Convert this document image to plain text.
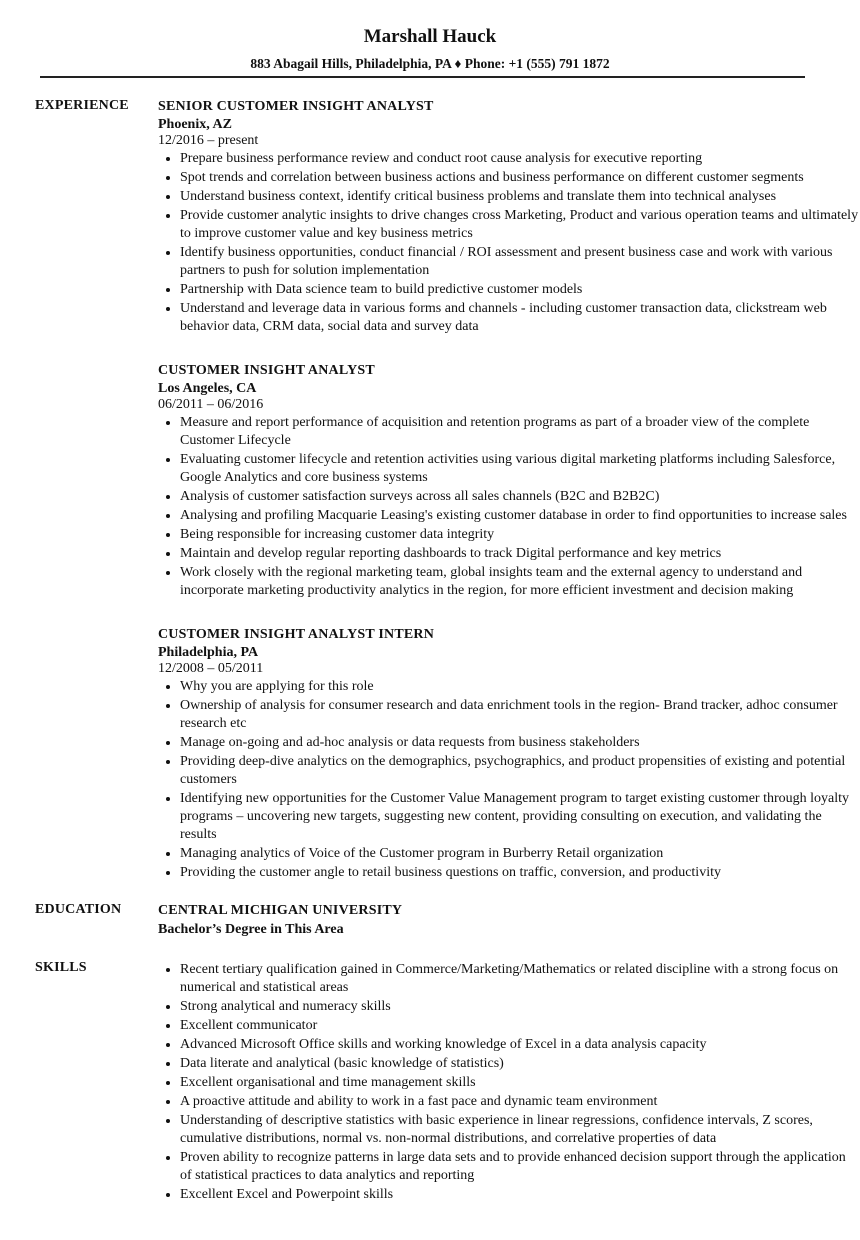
Marshall Hauck
883 Abagail Hills, Philadelphia, PA ♦ Phone: +1 (555) 791 1872
EXPERIENCE SENIOR CUSTOMER INSIGHT ANALYST
Phoenix, AZ
12/2016 – present
• Prepare business performance review and conduct root cause analysis for executive reporting
• Spot trends and correlation between business actions and business performance on different customer segments
• Understand business context, identify critical business problems and translate them into technical analyses
• Provide customer analytic insights to drive changes cross Marketing, Product and various operation teams and ultimately to improve customer value and key business metrics
• Identify business opportunities, conduct financial / ROI assessment and present business case and work with various partners to push for solution implementation
• Partnership with Data science team to build predictive customer models
• Understand and leverage data in various forms and channels - including customer transaction data, clickstream web behavior data, CRM data, social data and survey data
CUSTOMER INSIGHT ANALYST
Los Angeles, CA
06/2011 – 06/2016
• Measure and report performance of acquisition and retention programs as part of a broader view of the complete Customer Lifecycle
• Evaluating customer lifecycle and retention activities using various digital marketing platforms including Salesforce, Google Analytics and core business systems
• Analysis of customer satisfaction surveys across all sales channels (B2C and B2B2C)
• Analysing and profiling Macquarie Leasing's existing customer database in order to find opportunities to increase sales
• Being responsible for increasing customer data integrity
• Maintain and develop regular reporting dashboards to track Digital performance and key metrics
• Work closely with the regional marketing team, global insights team and the external agency to understand and incorporate marketing productivity analytics in the region, for more efficient investment and decision making
CUSTOMER INSIGHT ANALYST INTERN
Philadelphia, PA
12/2008 – 05/2011
• Why you are applying for this role
• Ownership of analysis for consumer research and data enrichment tools in the region- Brand tracker, adhoc consumer research etc
• Manage on-going and ad-hoc analysis or data requests from business stakeholders
• Providing deep-dive analytics on the demographics, psychographics, and product propensities of existing and potential customers
• Identifying new opportunities for the Customer Value Management program to target existing customer through loyalty programs – uncovering new targets, suggesting new content, providing consulting on execution, and validating the results
• Managing analytics of Voice of the Customer program in Burberry Retail organization
• Providing the customer angle to retail business questions on traffic, conversion, and productivity
EDUCATION	CENTRAL MICHIGAN UNIVERSITY
Bachelor’s Degree in This Area
SKILLS
•	Recent tertiary qualification gained in Commerce/Marketing/Mathematics or related discipline with a strong focus on numerical and statistical areas
• Strong analytical and numeracy skills
• Excellent communicator
• Advanced Microsoft Office skills and working knowledge of Excel in a data analysis capacity
• Data literate and analytical (basic knowledge of statistics)
• Excellent organisational and time management skills
• A proactive attitude and ability to work in a fast pace and dynamic team environment
• Understanding of descriptive statistics with basic experience in linear regressions, confidence intervals, Z scores, cumulative distributions, normal vs. non-normal distributions, and correlative properties of data
• Proven ability to recognize patterns in large data sets and to provide enhanced decision support through the application of statistical practices to data analytics and reporting
• Excellent Excel and Powerpoint skills
